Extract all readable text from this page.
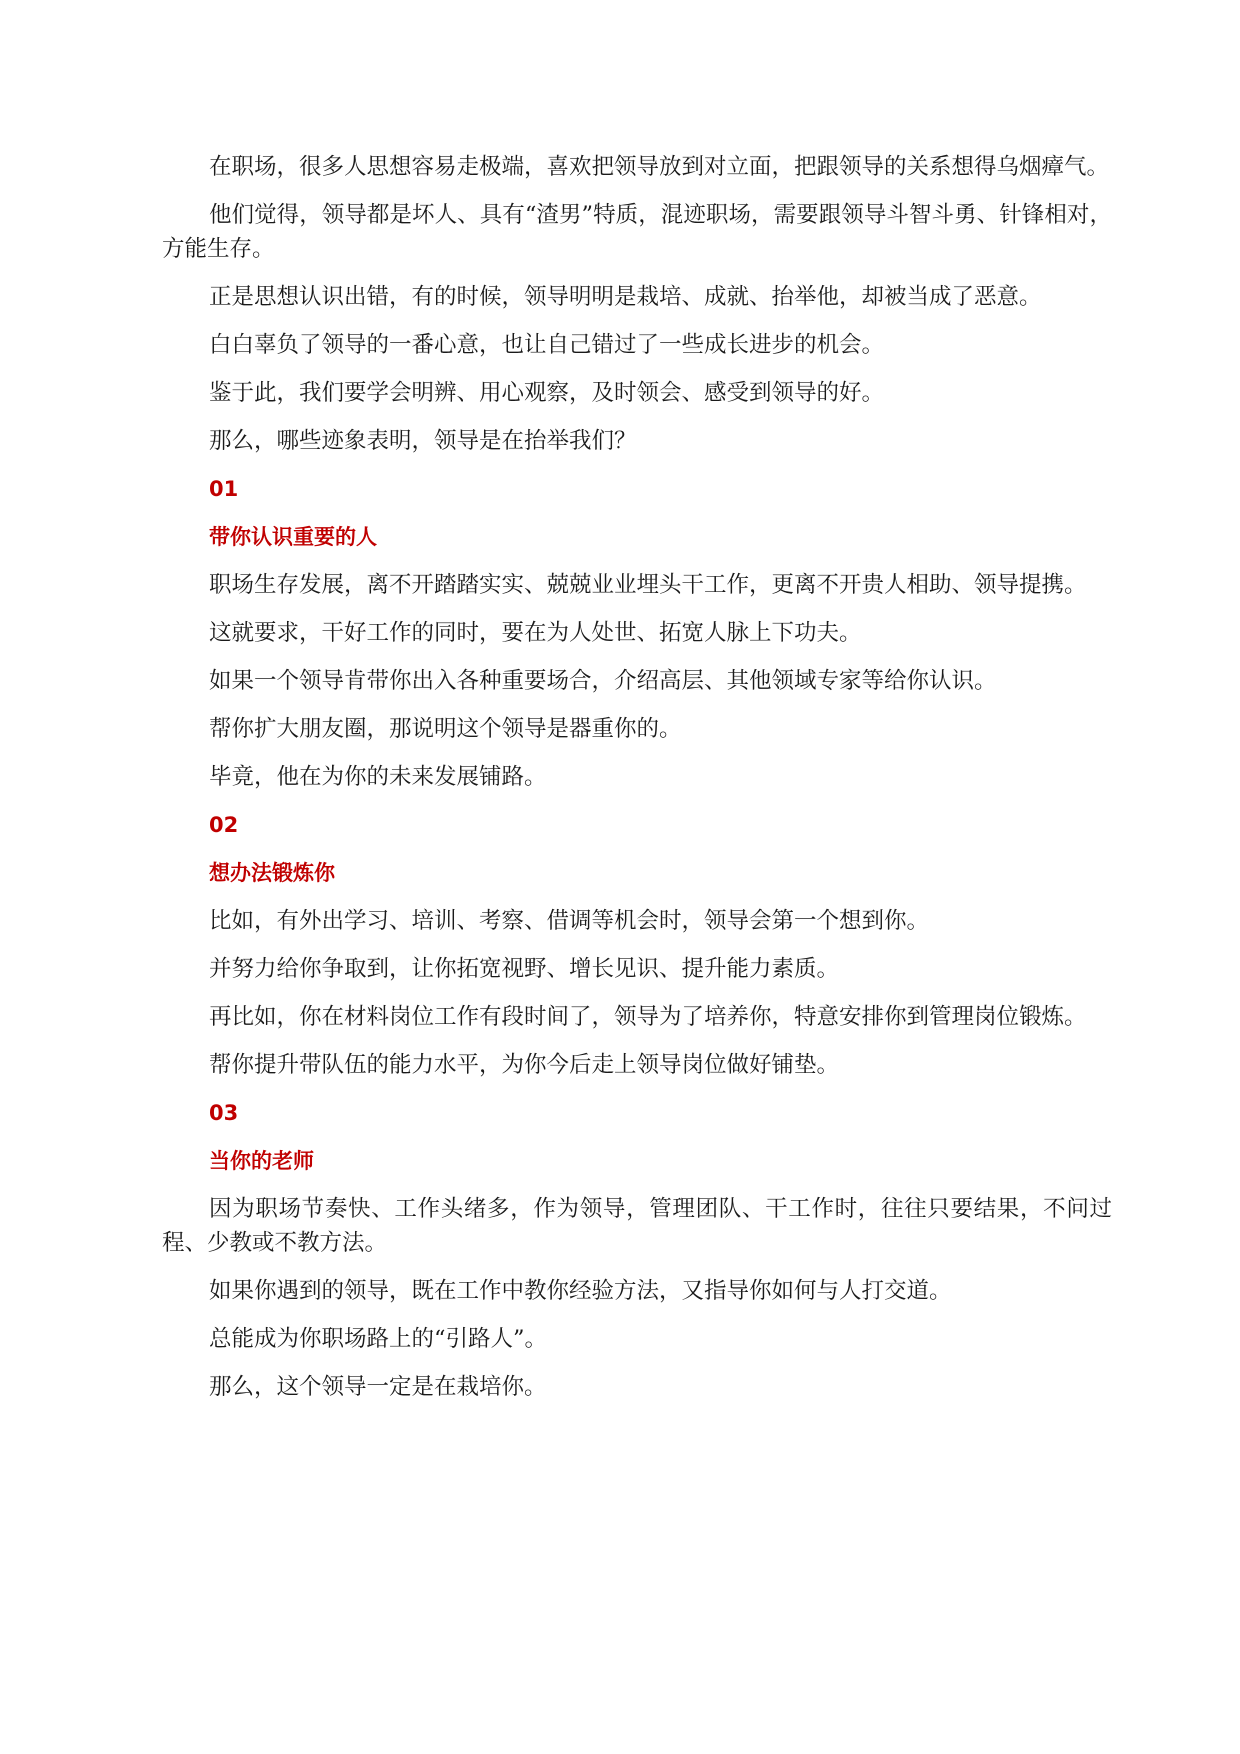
在职场，很多人思想容易走极端，喜欢把领导放到对立面，把跟领导的关系想得乌烟瘴气。

他们觉得，领导都是坏人、具有“渣男”特质，混迹职场，需要跟领导斗智斗勇、针锋相对，方能生存。

正是思想认识出错，有的时候，领导明明是栽培、成就、抬举他，却被当成了恶意。

白白辜负了领导的一番心意，也让自己错过了一些成长进步的机会。

鉴于此，我们要学会明辨、用心观察，及时领会、感受到领导的好。

那么，哪些迹象表明，领导是在抬举我们？

01

带你认识重要的人

职场生存发展，离不开踏踏实实、兢兢业业埋头干工作，更离不开贵人相助、领导提携。

这就要求，干好工作的同时，要在为人处世、拓宽人脉上下功夫。

如果一个领导肯带你出入各种重要场合，介绍高层、其他领域专家等给你认识。

帮你扩大朋友圈，那说明这个领导是器重你的。

毕竟，他在为你的未来发展铺路。

02

想办法锻炼你

比如，有外出学习、培训、考察、借调等机会时，领导会第一个想到你。

并努力给你争取到，让你拓宽视野、增长见识、提升能力素质。

再比如，你在材料岗位工作有段时间了，领导为了培养你，特意安排你到管理岗位锻炼。

帮你提升带队伍的能力水平，为你今后走上领导岗位做好铺垫。

03

当你的老师

因为职场节奏快、工作头绪多，作为领导，管理团队、干工作时，往往只要结果，不问过程、少教或不教方法。

如果你遇到的领导，既在工作中教你经验方法，又指导你如何与人打交道。

总能成为你职场路上的“引路人”。

那么，这个领导一定是在栽培你。
